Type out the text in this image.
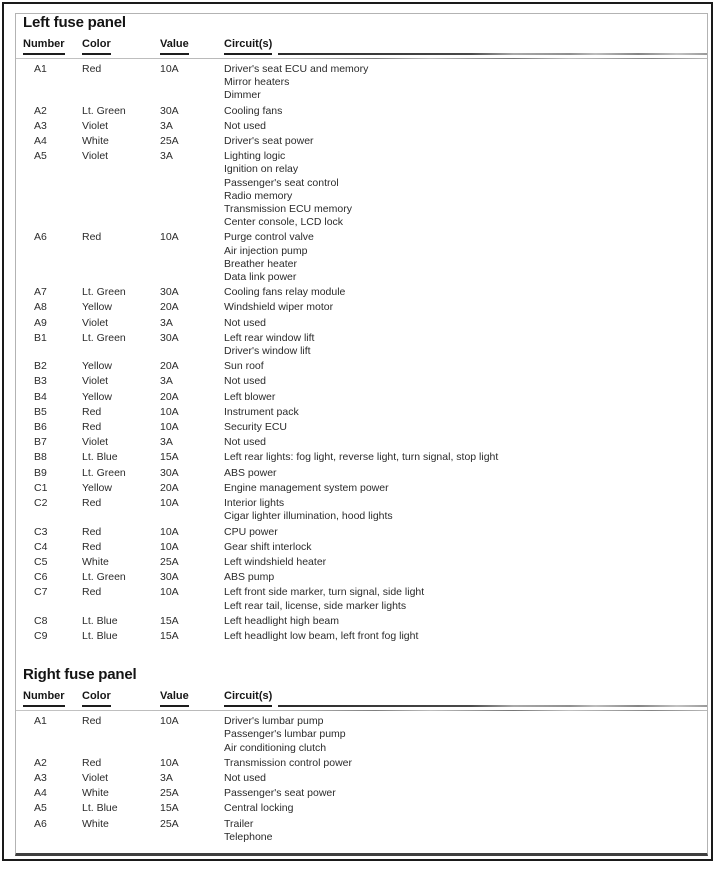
Left fuse panel
Number	Color	Value	Circuit(s)
A1	Red	10A	Driver's seat ECU and memory
Mirror heaters
Dimmer
A2	Lt. Green	30A	Cooling fans
A3	Violet	3A	Not used
A4	White	25A	Driver's seat power
A5	Violet	3A	Lighting logic
Ignition on relay
Passenger's seat control
Radio memory
Transmission ECU memory
Center console, LCD lock
A6	Red	10A	Purge control valve
Air injection pump
Breather heater
Data link power
A7	Lt. Green	30A	Cooling fans relay module
A8	Yellow	20A	Windshield wiper motor
A9	Violet	3A	Not used
B1	Lt. Green	30A	Left rear window lift
Driver's window lift
B2	Yellow	20A	Sun roof
B3	Violet	3A	Not used
B4	Yellow	20A	Left blower
B5	Red	10A	Instrument pack
B6	Red	10A	Security ECU
B7	Violet	3A	Not used
B8	Lt. Blue	15A	Left rear lights: fog light, reverse light, turn signal, stop light
B9	Lt. Green	30A	ABS power
C1	Yellow	20A	Engine management system power
C2	Red	10A	Interior lights
Cigar lighter illumination, hood lights
C3	Red	10A	CPU power
C4	Red	10A	Gear shift interlock
C5	White	25A	Left windshield heater
C6	Lt. Green	30A	ABS pump
C7	Red	10A	Left front side marker, turn signal, side light
Left rear tail, license, side marker lights
C8	Lt. Blue	15A	Left headlight high beam
C9	Lt. Blue	15A	Left headlight low beam, left front fog light
Right fuse panel
Number	Color	Value	Circuit(s)
A1	Red	10A	Driver's lumbar pump
Passenger's lumbar pump
Air conditioning clutch
A2	Red	10A	Transmission control power
A3	Violet	3A	Not used
A4	White	25A	Passenger's seat power
A5	Lt. Blue	15A	Central locking
A6	White	25A	Trailer
Telephone
